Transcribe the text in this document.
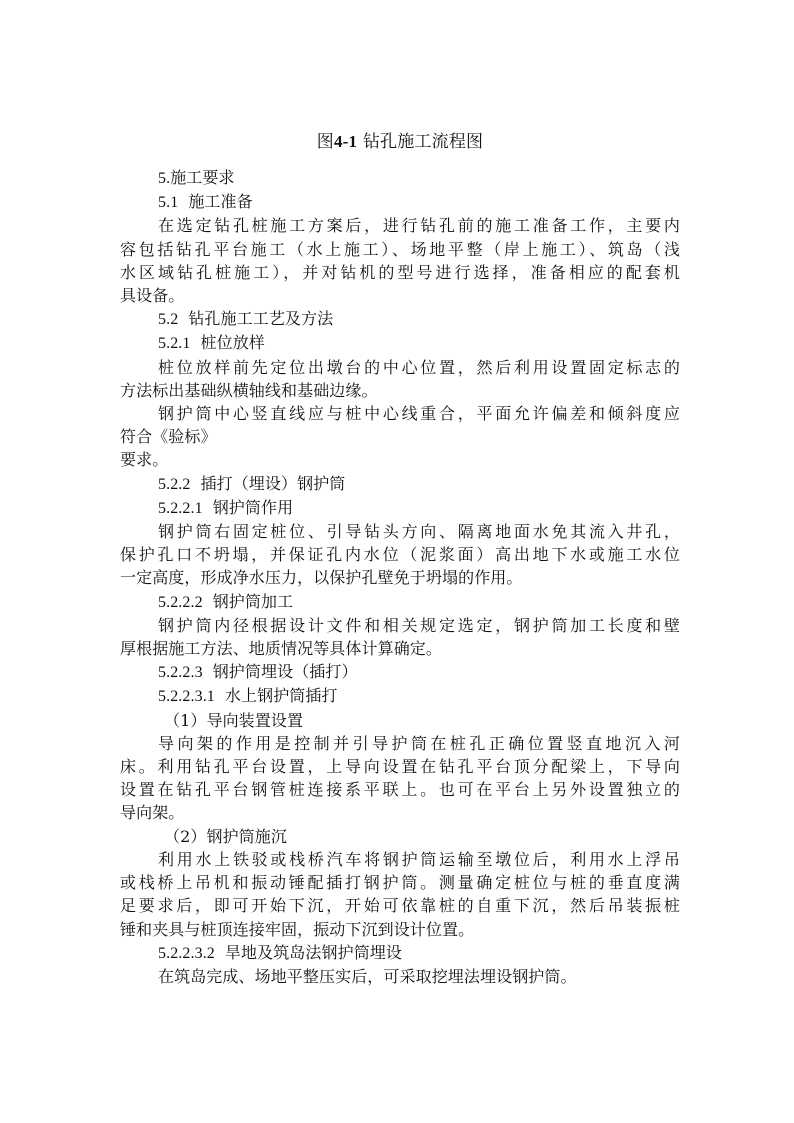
图4-1 钻孔施工流程图

5.施工要求

5.1 施工准备

在选定钻孔桩施工方案后，进行钻孔前的施工准备工作，主要内

容包括钻孔平台施工（水上施工）、场地平整（岸上施工）、筑岛（浅

水区域钻孔桩施工），并对钻机的型号进行选择，准备相应的配套机

具设备。

5.2 钻孔施工工艺及方法

5.2.1 桩位放样

桩位放样前先定位出墩台的中心位置，然后利用设置固定标志的

方法标出基础纵横轴线和基础边缘。

钢护筒中心竖直线应与桩中心线重合，平面允许偏差和倾斜度应

符合《验标》

要求。

5.2.2 插打（埋设）钢护筒

5.2.2.1 钢护筒作用

钢护筒右固定桩位、引导钻头方向、隔离地面水免其流入井孔，

保护孔口不坍塌，并保证孔内水位（泥浆面）高出地下水或施工水位

一定高度，形成净水压力，以保护孔壁免于坍塌的作用。

5.2.2.2 钢护筒加工

钢护筒内径根据设计文件和相关规定选定，钢护筒加工长度和壁

厚根据施工方法、地质情况等具体计算确定。

5.2.2.3 钢护筒埋设（插打）

5.2.2.3.1 水上钢护筒插打

（1）导向装置设置

导向架的作用是控制并引导护筒在桩孔正确位置竖直地沉入河

床。利用钻孔平台设置，上导向设置在钻孔平台顶分配梁上，下导向

设置在钻孔平台钢管桩连接系平联上。也可在平台上另外设置独立的

导向架。

（2）钢护筒施沉

利用水上铁驳或栈桥汽车将钢护筒运输至墩位后，利用水上浮吊

或栈桥上吊机和振动锤配插打钢护筒。测量确定桩位与桩的垂直度满

足要求后，即可开始下沉，开始可依靠桩的自重下沉，然后吊装振桩

锤和夹具与桩顶连接牢固，振动下沉到设计位置。

5.2.2.3.2 旱地及筑岛法钢护筒埋设

在筑岛完成、场地平整压实后，可采取挖埋法埋设钢护筒。
